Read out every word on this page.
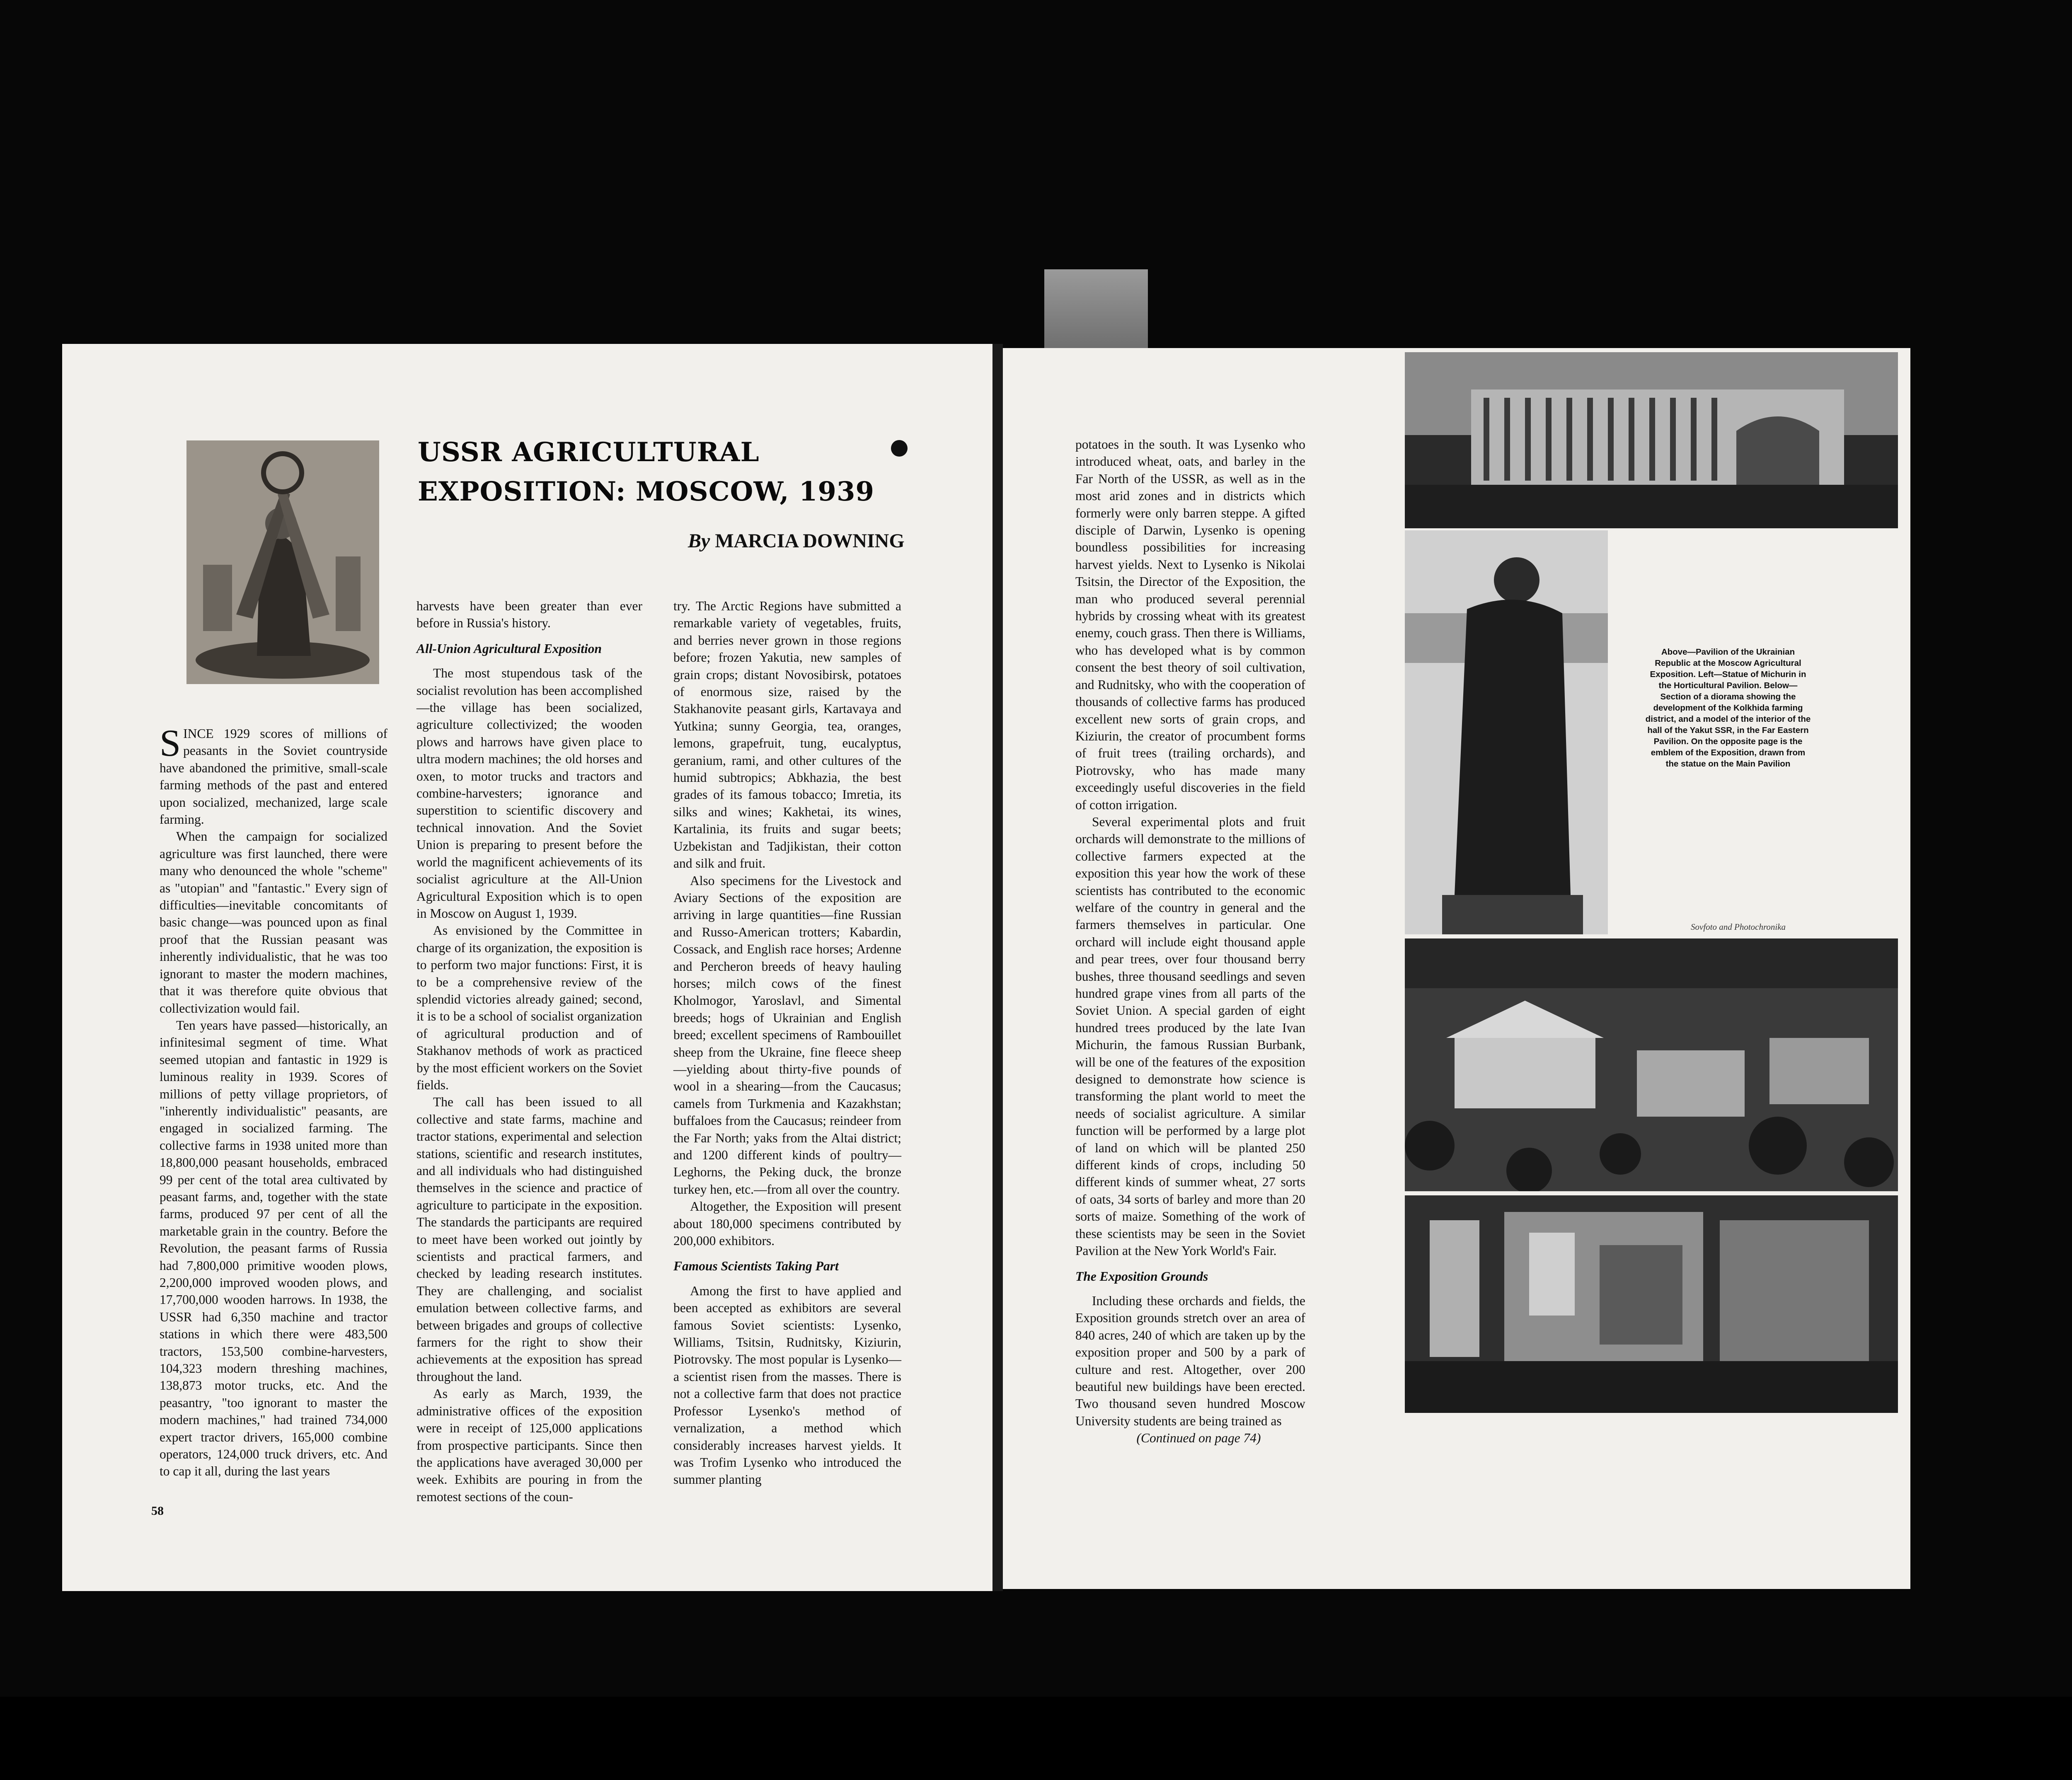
USSR AGRICULTURAL
EXPOSITION: MOSCOW, 1939
By MARCIA DOWNING

SINCE 1929 scores of millions of peasants in the Soviet countryside have abandoned the primitive, small-scale farming methods of the past and entered upon socialized, mechanized, large scale farming.

When the campaign for socialized agriculture was first launched, there were many who denounced the whole "scheme" as "utopian" and "fantastic." Every sign of difficulties—inevitable concomitants of basic change—was pounced upon as final proof that the Russian peasant was inherently individualistic, that he was too ignorant to master the modern machines, that it was therefore quite obvious that collectivization would fail.

Ten years have passed—historically, an infinitesimal segment of time. What seemed utopian and fantastic in 1929 is luminous reality in 1939. Scores of millions of petty village proprietors, of "inherently individualistic" peasants, are engaged in socialized farming. The collective farms in 1938 united more than 18,800,000 peasant households, embraced 99 per cent of the total area cultivated by peasant farms, and, together with the state farms, produced 97 per cent of all the marketable grain in the country. Before the Revolution, the peasant farms of Russia had 7,800,000 primitive wooden plows, 2,200,000 improved wooden plows, and 17,700,000 wooden harrows. In 1938, the USSR had 6,350 machine and tractor stations in which there were 483,500 tractors, 153,500 combine-harvesters, 104,323 modern threshing machines, 138,873 motor trucks, etc. And the peasantry, "too ignorant to master the modern machines," had trained 734,000 expert tractor drivers, 165,000 combine operators, 124,000 truck drivers, etc. And to cap it all, during the last years

harvests have been greater than ever before in Russia's history.

All-Union Agricultural Exposition

The most stupendous task of the socialist revolution has been accomplished—the village has been socialized, agriculture collectivized; the wooden plows and harrows have given place to ultra modern machines; the old horses and oxen, to motor trucks and tractors and combine-harvesters; ignorance and superstition to scientific discovery and technical innovation. And the Soviet Union is preparing to present before the world the magnificent achievements of its socialist agriculture at the All-Union Agricultural Exposition which is to open in Moscow on August 1, 1939.

As envisioned by the Committee in charge of its organization, the exposition is to perform two major functions: First, it is to be a comprehensive review of the splendid victories already gained; second, it is to be a school of socialist organization of agricultural production and of Stakhanov methods of work as practiced by the most efficient workers on the Soviet fields.

The call has been issued to all collective and state farms, machine and tractor stations, experimental and selection stations, scientific and research institutes, and all individuals who had distinguished themselves in the science and practice of agriculture to participate in the exposition. The standards the participants are required to meet have been worked out jointly by scientists and practical farmers, and checked by leading research institutes. They are challenging, and socialist emulation between collective farms, and between brigades and groups of collective farmers for the right to show their achievements at the exposition has spread throughout the land.

As early as March, 1939, the administrative offices of the exposition were in receipt of 125,000 applications from prospective participants. Since then the applications have averaged 30,000 per week. Exhibits are pouring in from the remotest sections of the coun-

try. The Arctic Regions have submitted a remarkable variety of vegetables, fruits, and berries never grown in those regions before; frozen Yakutia, new samples of grain crops; distant Novosibirsk, potatoes of enormous size, raised by the Stakhanovite peasant girls, Kartavaya and Yutkina; sunny Georgia, tea, oranges, lemons, grapefruit, tung, eucalyptus, geranium, rami, and other cultures of the humid subtropics; Abkhazia, the best grades of its famous tobacco; Imretia, its silks and wines; Kakhetai, its wines, Kartalinia, its fruits and sugar beets; Uzbekistan and Tadjikistan, their cotton and silk and fruit.

Also specimens for the Livestock and Aviary Sections of the exposition are arriving in large quantities—fine Russian and Russo-American trotters; Kabardin, Cossack, and English race horses; Ardenne and Percheron breeds of heavy hauling horses; milch cows of the finest Kholmogor, Yaroslavl, and Simental breeds; hogs of Ukrainian and English breed; excellent specimens of Rambouillet sheep from the Ukraine, fine fleece sheep—yielding about thirty-five pounds of wool in a shearing—from the Caucasus; camels from Turkmenia and Kazakhstan; buffaloes from the Caucasus; reindeer from the Far North; yaks from the Altai district; and 1200 different kinds of poultry—Leghorns, the Peking duck, the bronze turkey hen, etc.—from all over the country.

Altogether, the Exposition will present about 180,000 specimens contributed by 200,000 exhibitors.

Famous Scientists Taking Part

Among the first to have applied and been accepted as exhibitors are several famous Soviet scientists: Lysenko, Williams, Tsitsin, Rudnitsky, Kiziurin, Piotrovsky. The most popular is Lysenko—a scientist risen from the masses. There is not a collective farm that does not practice Professor Lysenko's method of vernalization, a method which considerably increases harvest yields. It was Trofim Lysenko who introduced the summer planting

58

potatoes in the south. It was Lysenko who introduced wheat, oats, and barley in the Far North of the USSR, as well as in the most arid zones and in districts which formerly were only barren steppe. A gifted disciple of Darwin, Lysenko is opening boundless possibilities for increasing harvest yields. Next to Lysenko is Nikolai Tsitsin, the Director of the Exposition, the man who produced several perennial hybrids by crossing wheat with its greatest enemy, couch grass. Then there is Williams, who has developed what is by common consent the best theory of soil cultivation, and Rudnitsky, who with the cooperation of thousands of collective farms has produced excellent new sorts of grain crops, and Kiziurin, the creator of procumbent forms of fruit trees (trailing orchards), and Piotrovsky, who has made many exceedingly useful discoveries in the field of cotton irrigation.

Several experimental plots and fruit orchards will demonstrate to the millions of collective farmers expected at the exposition this year how the work of these scientists has contributed to the economic welfare of the country in general and the farmers themselves in particular. One orchard will include eight thousand apple and pear trees, over four thousand berry bushes, three thousand seedlings and seven hundred grape vines from all parts of the Soviet Union. A special garden of eight hundred trees produced by the late Ivan Michurin, the famous Russian Burbank, will be one of the features of the exposition designed to demonstrate how science is transforming the plant world to meet the needs of socialist agriculture. A similar function will be performed by a large plot of land on which will be planted 250 different kinds of crops, including 50 different kinds of summer wheat, 27 sorts of oats, 34 sorts of barley and more than 20 sorts of maize. Something of the work of these scientists may be seen in the Soviet Pavilion at the New York World's Fair.

The Exposition Grounds

Including these orchards and fields, the Exposition grounds stretch over an area of 840 acres, 240 of which are taken up by the exposition proper and 500 by a park of culture and rest. Altogether, over 200 beautiful new buildings have been erected. Two thousand seven hundred Moscow University students are being trained as

(Continued on page 74)

Above—Pavilion of the Ukrainian Republic at the Moscow Agricultural Exposition. Left—Statue of Michurin in the Horticultural Pavilion. Below—Section of a diorama showing the development of the Kolkhida farming district, and a model of the interior of the hall of the Yakut SSR, in the Far Eastern Pavilion. On the opposite page is the emblem of the Exposition, drawn from the statue on the Main Pavilion
Sovfoto and Photochronika
